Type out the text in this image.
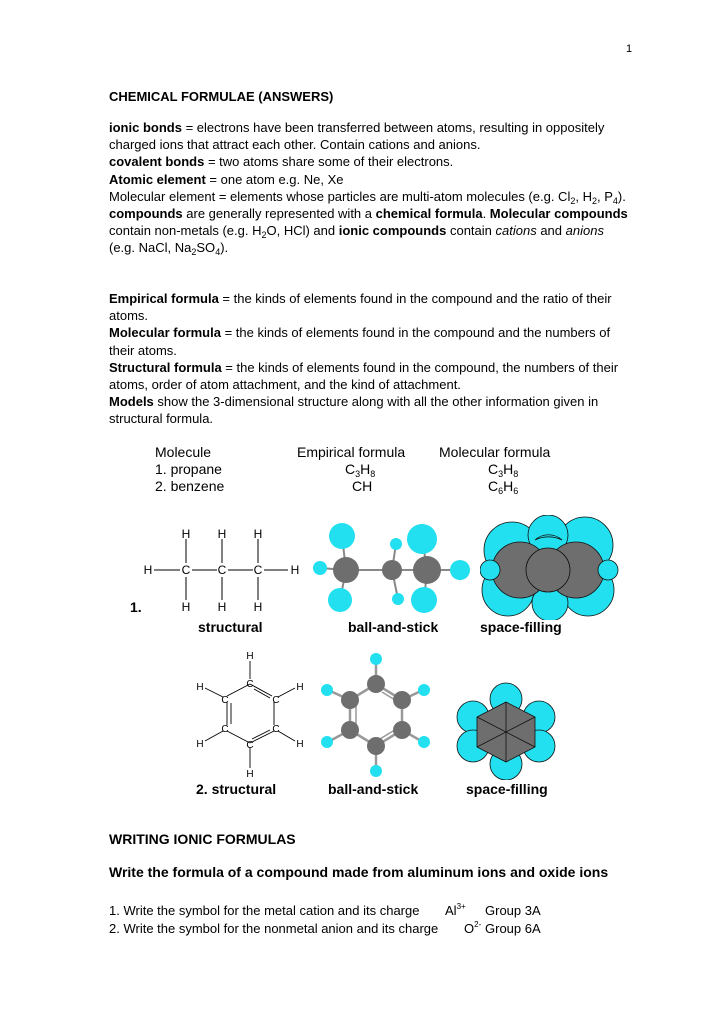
1
CHEMICAL FORMULAE (ANSWERS)

ionic bonds = electrons have been transferred between atoms, resulting in oppositely charged ions that attract each other. Contain cations and anions.

covalent bonds = two atoms share some of their electrons.

Atomic element = one atom e.g. Ne, Xe

Molecular element = elements whose particles are multi-atom molecules (e.g. $Cl_2$, $H_2$, $P_4$).

compounds are generally represented with a chemical formula. Molecular compounds contain non-metals (e.g. $H_2O$, HCl) and ionic compounds contain cations and anions (e.g. NaCl, $Na_2SO_4$).

Empirical formula = the kinds of elements found in the compound and the ratio of their atoms.

Molecular formula = the kinds of elements found in the compound and the numbers of their atoms.

Structural formula = the kinds of elements found in the compound, the numbers of their atoms, order of atom attachment, and the kind of attachment.

Models show the 3-dimensional structure along with all the other information given in structural formula.

Molecule	Empirical formula Molecular formula
1. propane	$C_3H_8$	$C_3H_8$
2. benzene	CH	$C_6H_6$
H H H
H C C C H
H H H
1.
structural	ball-and-stick	space-filling
H
C
C	C
C	C
C
H	H
H	H
H
2. structural	ball-and-stick	space-filling
WRITING IONIC FORMULAS
Write the formula of a compound made from aluminum ions and oxide ions
1. Write the symbol for the metal cation and its charge $Al^{3+}$ Group 3A
2. Write the symbol for the nonmetal anion and its charge $O^{2-}$ Group 6A
